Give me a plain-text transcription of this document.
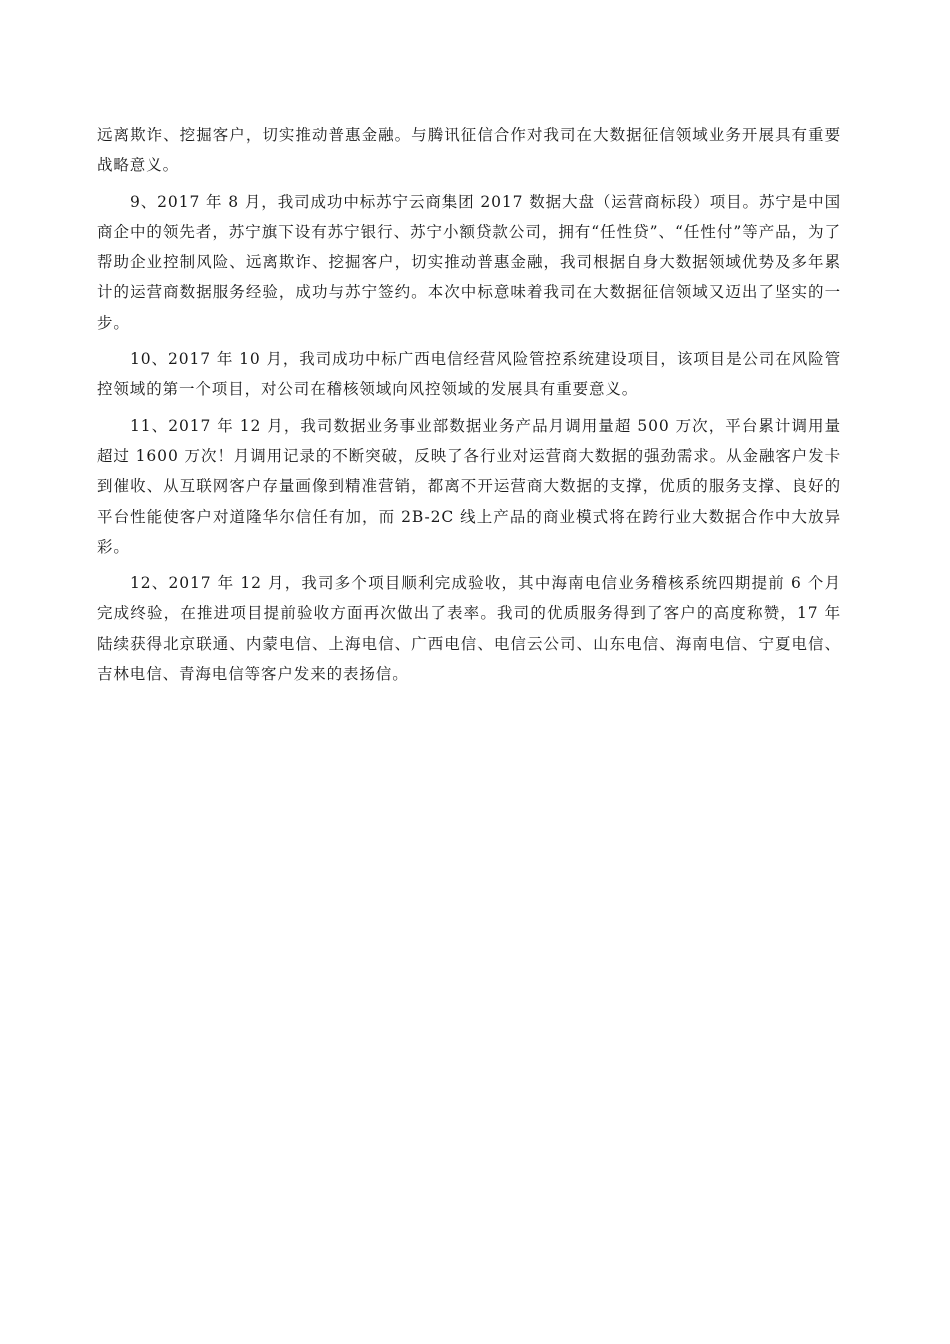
远离欺诈、挖掘客户，切实推动普惠金融。与腾讯征信合作对我司在大数据征信领域业务开展具有重要战略意义。

9、2017 年 8 月，我司成功中标苏宁云商集团 2017 数据大盘（运营商标段）项目。苏宁是中国商企中的领先者，苏宁旗下设有苏宁银行、苏宁小额贷款公司，拥有“任性贷”、“任性付”等产品，为了帮助企业控制风险、远离欺诈、挖掘客户，切实推动普惠金融，我司根据自身大数据领域优势及多年累计的运营商数据服务经验，成功与苏宁签约。本次中标意味着我司在大数据征信领域又迈出了坚实的一步。

10、2017 年 10 月，我司成功中标广西电信经营风险管控系统建设项目，该项目是公司在风险管控领域的第一个项目，对公司在稽核领域向风控领域的发展具有重要意义。

11、2017 年 12 月，我司数据业务事业部数据业务产品月调用量超 500 万次，平台累计调用量超过 1600 万次！月调用记录的不断突破，反映了各行业对运营商大数据的强劲需求。从金融客户发卡到催收、从互联网客户存量画像到精准营销，都离不开运营商大数据的支撑，优质的服务支撑、良好的平台性能使客户对道隆华尔信任有加，而 2B-2C 线上产品的商业模式将在跨行业大数据合作中大放异彩。

12、2017 年 12 月，我司多个项目顺利完成验收，其中海南电信业务稽核系统四期提前 6 个月完成终验，在推进项目提前验收方面再次做出了表率。我司的优质服务得到了客户的高度称赞，17 年陆续获得北京联通、内蒙电信、上海电信、广西电信、电信云公司、山东电信、海南电信、宁夏电信、吉林电信、青海电信等客户发来的表扬信。
